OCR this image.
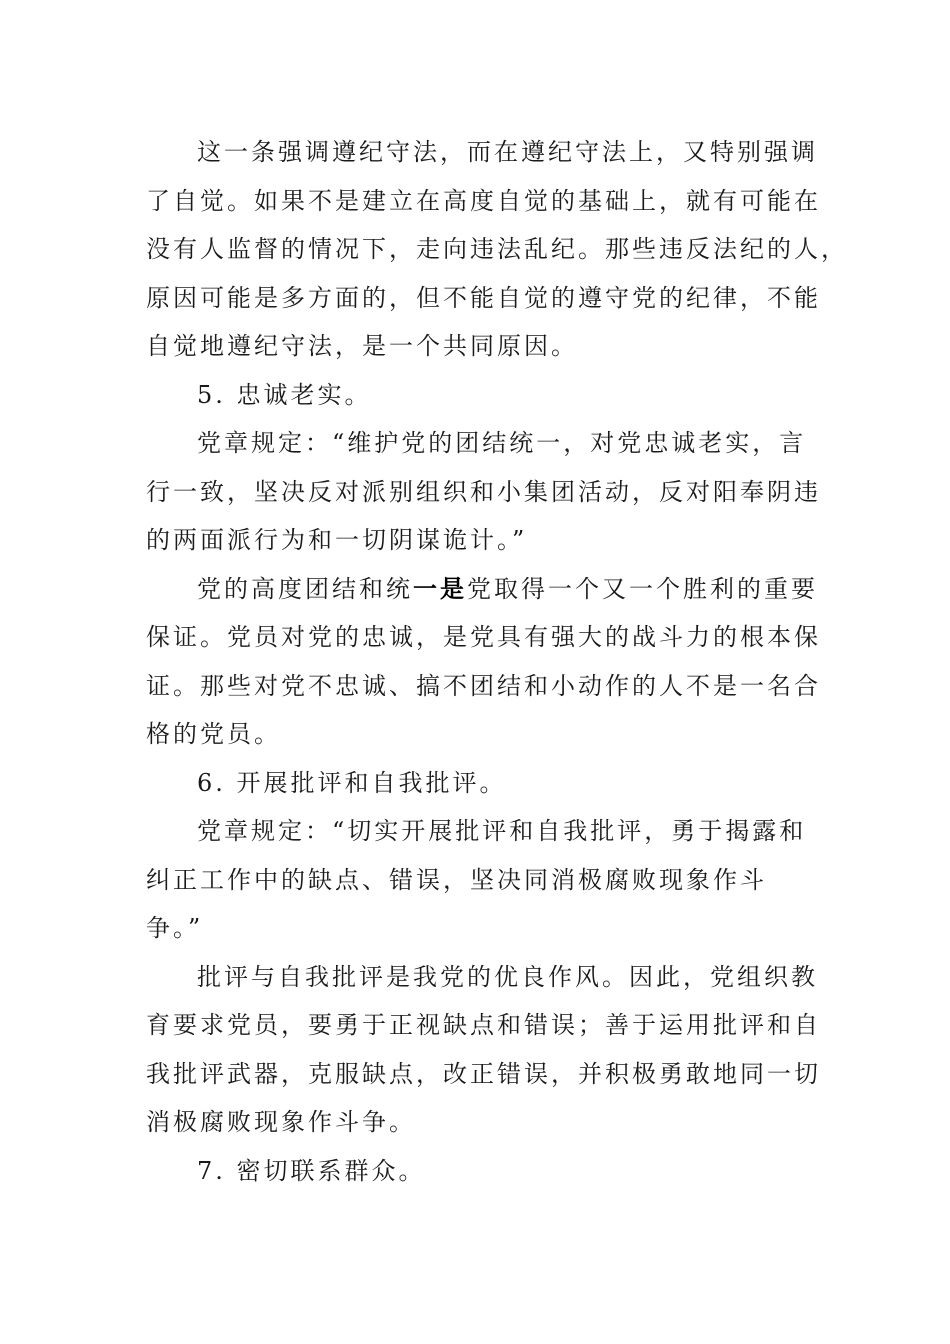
这一条强调遵纪守法，而在遵纪守法上，又特别强调
了自觉。如果不是建立在高度自觉的基础上，就有可能在
没有人监督的情况下，走向违法乱纪。那些违反法纪的人，
原因可能是多方面的，但不能自觉的遵守党的纪律，不能
自觉地遵纪守法，是一个共同原因。
5. 忠诚老实。
党章规定：“维护党的团结统一，对党忠诚老实，言
行一致，坚决反对派别组织和小集团活动，反对阳奉阴违
的两面派行为和一切阴谋诡计。”
党的高度团结和统一是党取得一个又一个胜利的重要
保证。党员对党的忠诚，是党具有强大的战斗力的根本保
证。那些对党不忠诚、搞不团结和小动作的人不是一名合
格的党员。
6. 开展批评和自我批评。
党章规定：“切实开展批评和自我批评，勇于揭露和
纠正工作中的缺点、错误，坚决同消极腐败现象作斗
争。”
批评与自我批评是我党的优良作风。因此，党组织教
育要求党员，要勇于正视缺点和错误；善于运用批评和自
我批评武器，克服缺点，改正错误，并积极勇敢地同一切
消极腐败现象作斗争。
7. 密切联系群众。
